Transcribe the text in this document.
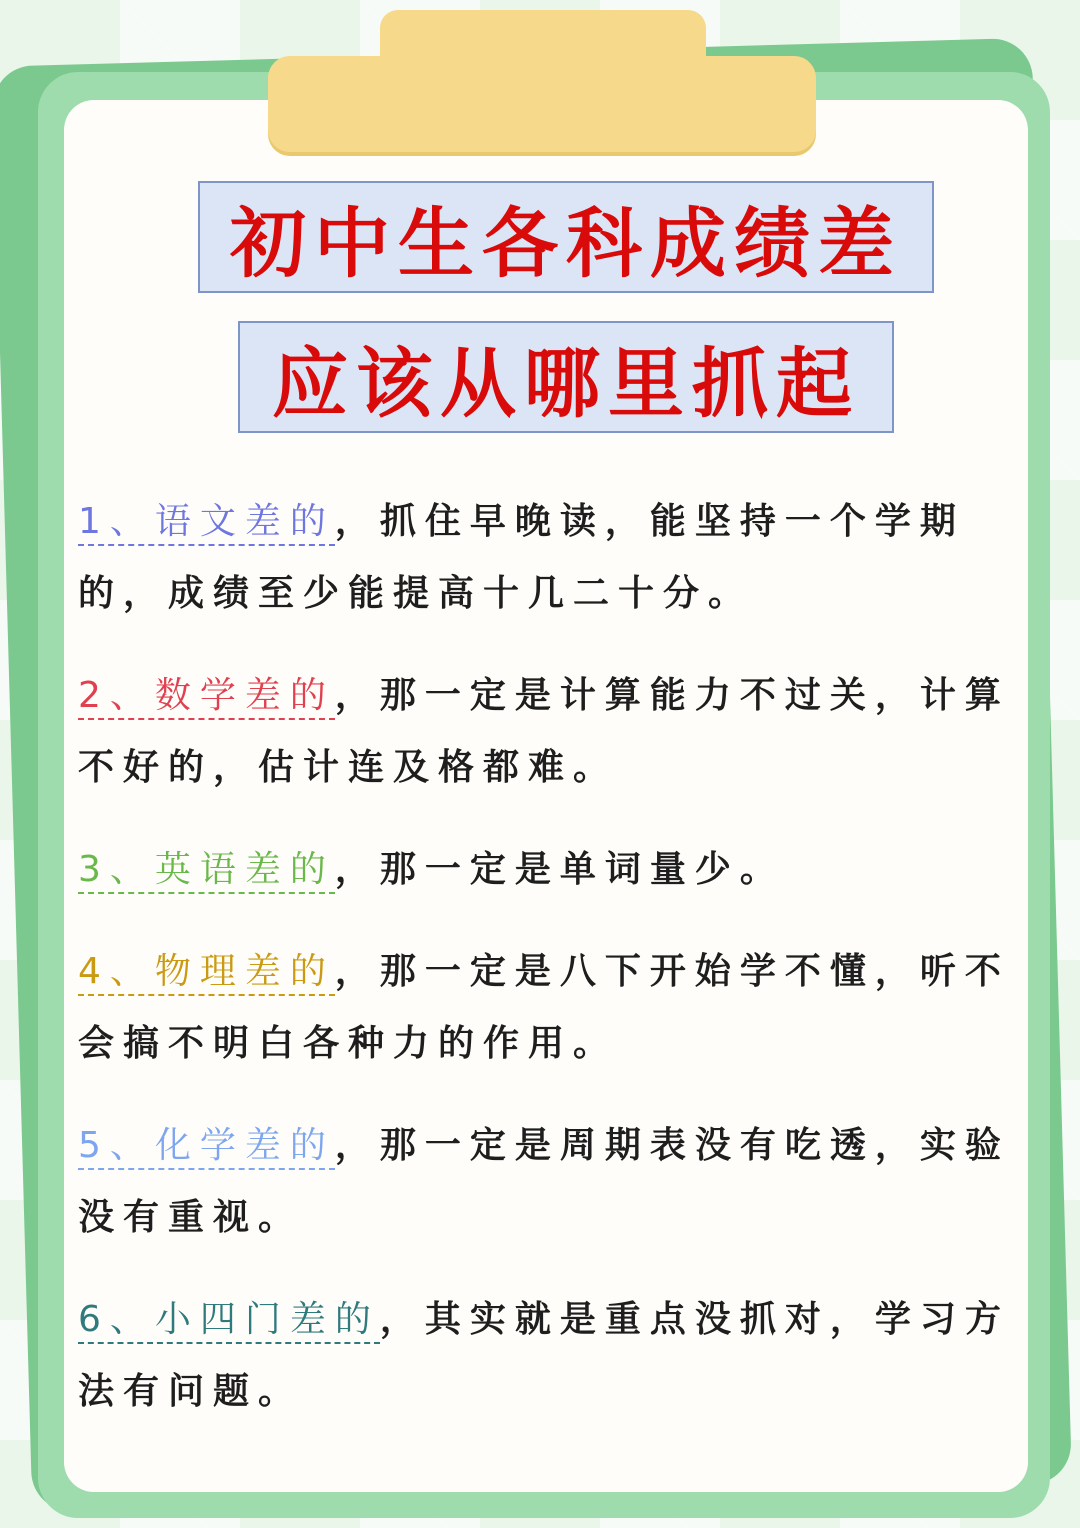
初中生各科成绩差
应该从哪里抓起
1、语文差的，抓住早晚读，能坚持一个学期的，成绩至少能提高十几二十分。
2、数学差的，那一定是计算能力不过关，计算不好的，估计连及格都难。
3、英语差的，那一定是单词量少。
4、物理差的，那一定是八下开始学不懂，听不会搞不明白各种力的作用。
5、化学差的，那一定是周期表没有吃透，实验没有重视。
6、小四门差的，其实就是重点没抓对，学习方法有问题。
